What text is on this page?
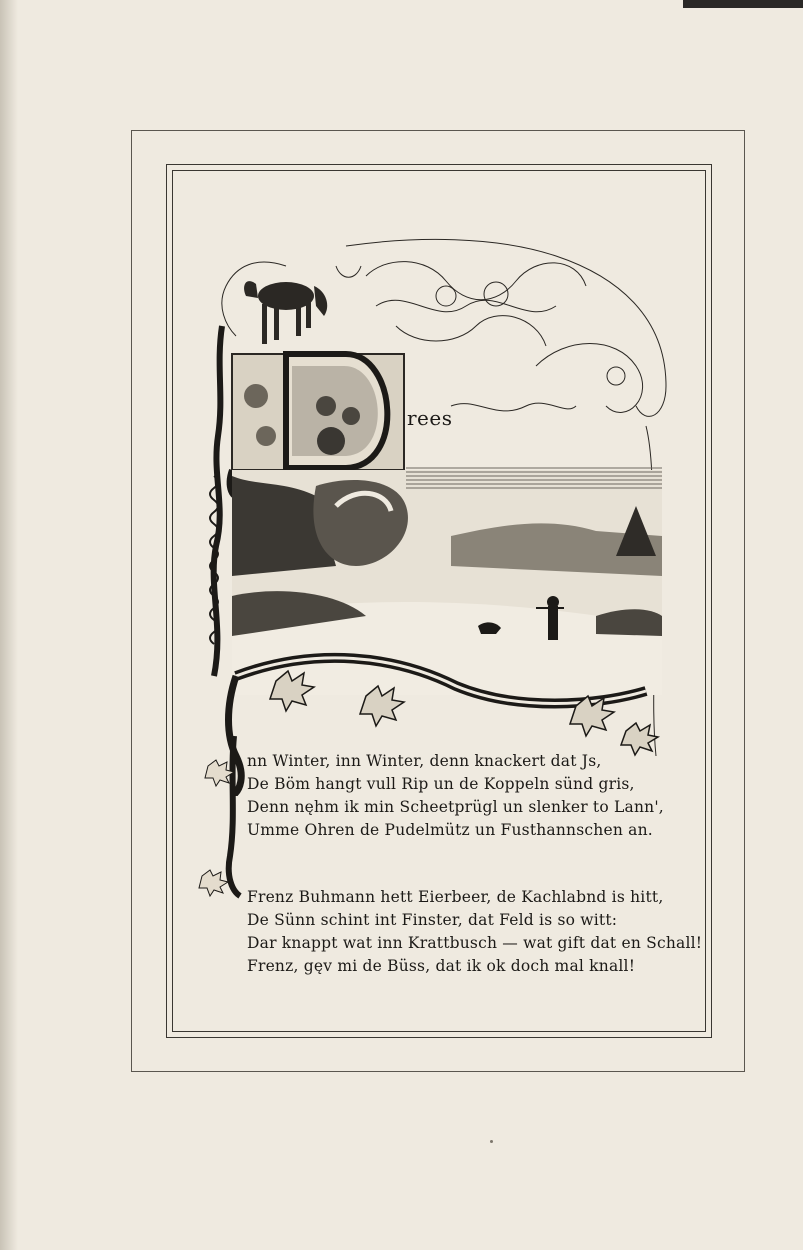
rees
nn Winter, inn Winter, denn knackert dat Js,
De Böm hangt vull Rip un de Koppeln sünd gris,
Denn nęhm ik min Scheetprügl un slenker to Lann',
Umme Ohren de Pudelmütz un Fusthannschen an.
Frenz Buhmann hett Eierbeer, de Kachlabnd is hitt,
De Sünn schint int Finster, dat Feld is so witt:
Dar knappt wat inn Krattbusch — wat gift dat en Schall!
Frenz, gęv mi de Büss, dat ik ok doch mal knall!
